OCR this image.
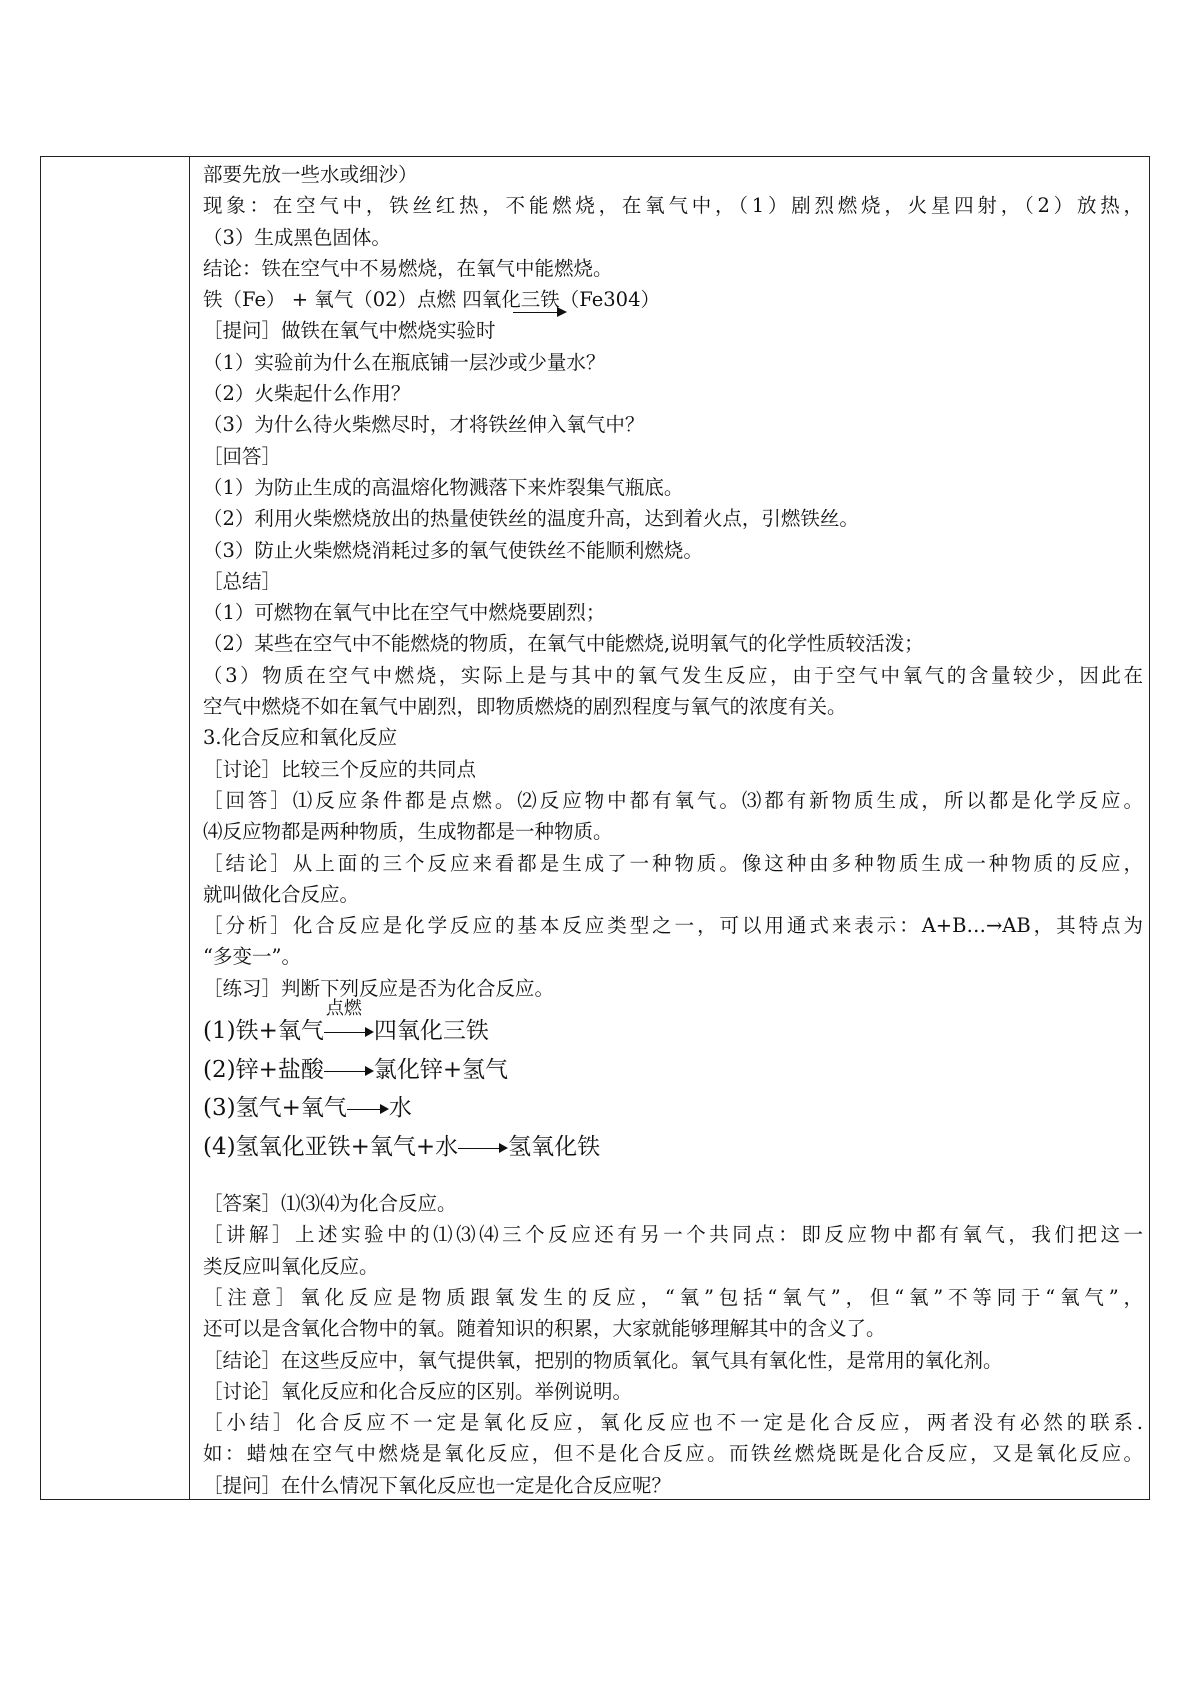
部要先放一些水或细沙）
现象：在空气中，铁丝红热，不能燃烧，在氧气中，（1）剧烈燃烧，火星四射，（2）放热，
（3）生成黑色固体。
结论：铁在空气中不易燃烧，在氧气中能燃烧。
铁（Fe） + 氧气（02）点燃 四氧化三铁（Fe304）
［提问］做铁在氧气中燃烧实验时
（1）实验前为什么在瓶底铺一层沙或少量水？
（2）火柴起什么作用？
（3）为什么待火柴燃尽时，才将铁丝伸入氧气中？
［回答］
（1）为防止生成的高温熔化物溅落下来炸裂集气瓶底。
（2）利用火柴燃烧放出的热量使铁丝的温度升高，达到着火点，引燃铁丝。
（3）防止火柴燃烧消耗过多的氧气使铁丝不能顺利燃烧。
［总结］
（1）可燃物在氧气中比在空气中燃烧要剧烈；
（2）某些在空气中不能燃烧的物质，在氧气中能燃烧,说明氧气的化学性质较活泼；
（3）物质在空气中燃烧，实际上是与其中的氧气发生反应，由于空气中氧气的含量较少，因此在
空气中燃烧不如在氧气中剧烈，即物质燃烧的剧烈程度与氧气的浓度有关。
3.化合反应和氧化反应
［讨论］比较三个反应的共同点
［回答］⑴反应条件都是点燃。⑵反应物中都有氧气。⑶都有新物质生成，所以都是化学反应。
⑷反应物都是两种物质，生成物都是一种物质。
［结论］从上面的三个反应来看都是生成了一种物质。像这种由多种物质生成一种物质的反应，
就叫做化合反应。
［分析］化合反应是化学反应的基本反应类型之一，可以用通式来表示：A+B…→AB，其特点为
“多变一”。
［练习］判断下列反应是否为化合反应。
(1)铁+氧气
点燃
四氧化三铁
(2)锌+盐酸 氯化锌+氢气
(3)氢气+氧气 水
(4)氢氧化亚铁+氧气+水 氢氧化铁
［答案］⑴⑶⑷为化合反应。
［讲解］上述实验中的⑴⑶⑷三个反应还有另一个共同点：即反应物中都有氧气，我们把这一
类反应叫氧化反应。
［注意］氧化反应是物质跟氧发生的反应，“氧”包括“氧气”，但“氧”不等同于“氧气”，
还可以是含氧化合物中的氧。随着知识的积累，大家就能够理解其中的含义了。
［结论］在这些反应中，氧气提供氧，把别的物质氧化。氧气具有氧化性，是常用的氧化剂。
［讨论］氧化反应和化合反应的区别。举例说明。
［小结］化合反应不一定是氧化反应，氧化反应也不一定是化合反应，两者没有必然的联系.
如：蜡烛在空气中燃烧是氧化反应，但不是化合反应。而铁丝燃烧既是化合反应，又是氧化反应。
［提问］在什么情况下氧化反应也一定是化合反应呢？
